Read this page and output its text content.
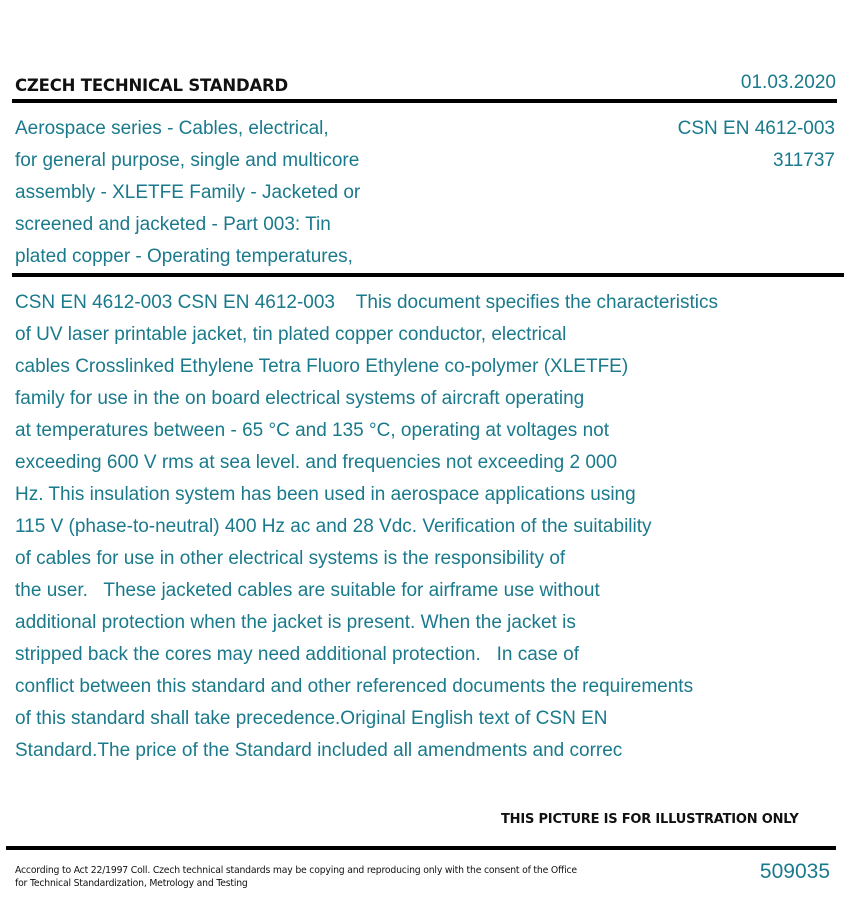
CZECH TECHNICAL STANDARD	01.03.2020
Aerospace series - Cables, electrical,
for general purpose, single and multicore
assembly - XLETFE Family - Jacketed or
screened and jacketed - Part 003: Tin
plated copper - Operating temperatures,
CSN EN 4612-003
311737
CSN EN 4612-003 CSN EN 4612-003    This document specifies the characteristics
of UV laser printable jacket, tin plated copper conductor, electrical
cables Crosslinked Ethylene Tetra Fluoro Ethylene co-polymer (XLETFE)
family for use in the on board electrical systems of aircraft operating
at temperatures between - 65 °C and 135 °C, operating at voltages not
exceeding 600 V rms at sea level. and frequencies not exceeding 2 000
Hz. This insulation system has been used in aerospace applications using
115 V (phase-to-neutral) 400 Hz ac and 28 Vdc. Verification of the suitability
of cables for use in other electrical systems is the responsibility of
the user.   These jacketed cables are suitable for airframe use without
additional protection when the jacket is present. When the jacket is
stripped back the cores may need additional protection.   In case of
conflict between this standard and other referenced documents the requirements
of this standard shall take precedence.Original English text of CSN EN
Standard.The price of the Standard included all amendments and correc
THIS PICTURE IS FOR ILLUSTRATION ONLY
According to Act 22/1997 Coll. Czech technical standards may be copying and reproducing only with the consent of the Office
for Technical Standardization, Metrology and Testing
509035
